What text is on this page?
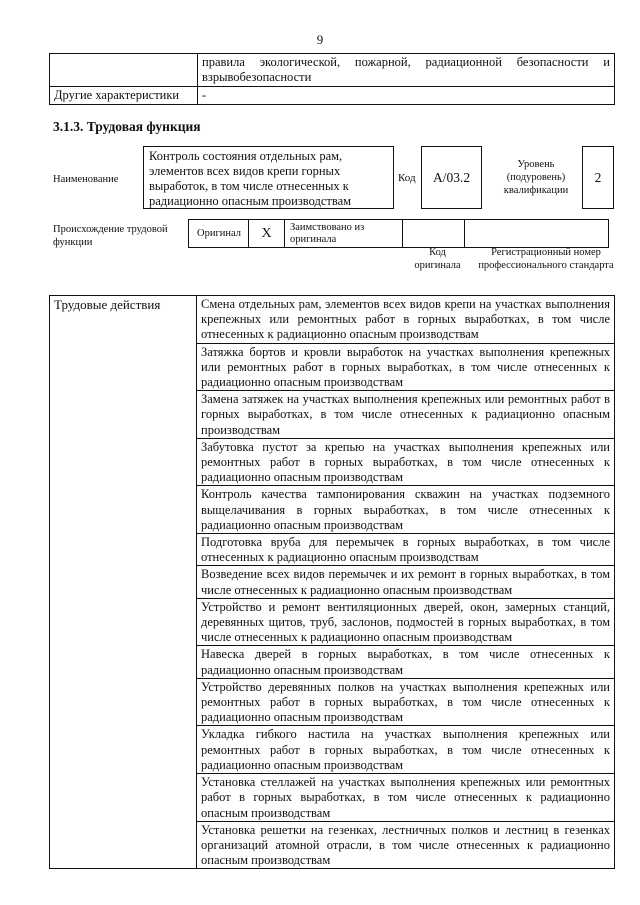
9
	правила экологической, пожарной, радиационной безопасности и взрывобезопасности
Другие характеристики	-
3.1.3. Трудовая функция
Наименование
Контроль состояния отдельных рам, элементов всех видов крепи горных выработок, в том числе отнесенных к радиационно опасным производствам
Код	А/03.2
Уровень (подуровень) квалификации
2
Происхождение трудовой функции
Оригинал	X	Заимствовано из оригинала
Код оригинала
Регистрационный номер профессионального стандарта
Трудовые действия	Смена отдельных рам, элементов всех видов крепи на участках выполнения крепежных или ремонтных работ в горных выработках, в том числе отнесенных к радиационно опасным производствам
Затяжка бортов и кровли выработок на участках выполнения крепежных или ремонтных работ в горных выработках, в том числе отнесенных к радиационно опасным производствам
Замена затяжек на участках выполнения крепежных или ремонтных работ в горных выработках, в том числе отнесенных к радиационно опасным производствам
Забутовка пустот за крепью на участках выполнения крепежных или ремонтных работ в горных выработках, в том числе отнесенных к радиационно опасным производствам
Контроль качества тампонирования скважин на участках подземного выщелачивания в горных выработках, в том числе отнесенных к радиационно опасным производствам
Подготовка вруба для перемычек в горных выработках, в том числе отнесенных к радиационно опасным производствам
Возведение всех видов перемычек и их ремонт в горных выработках, в том числе отнесенных к радиационно опасным производствам
Устройство и ремонт вентиляционных дверей, окон, замерных станций, деревянных щитов, труб, заслонов, подмостей в горных выработках, в том числе отнесенных к радиационно опасным производствам
Навеска дверей в горных выработках, в том числе отнесенных к радиационно опасным производствам
Устройство деревянных полков на участках выполнения крепежных или ремонтных работ в горных выработках, в том числе отнесенных к радиационно опасным производствам
Укладка гибкого настила на участках выполнения крепежных или ремонтных работ в горных выработках, в том числе отнесенных к радиационно опасным производствам
Установка стеллажей на участках выполнения крепежных или ремонтных работ в горных выработках, в том числе отнесенных к радиационно опасным производствам
Установка решетки на гезенках, лестничных полков и лестниц в гезенках организаций атомной отрасли, в том числе отнесенных к радиационно опасным производствам
